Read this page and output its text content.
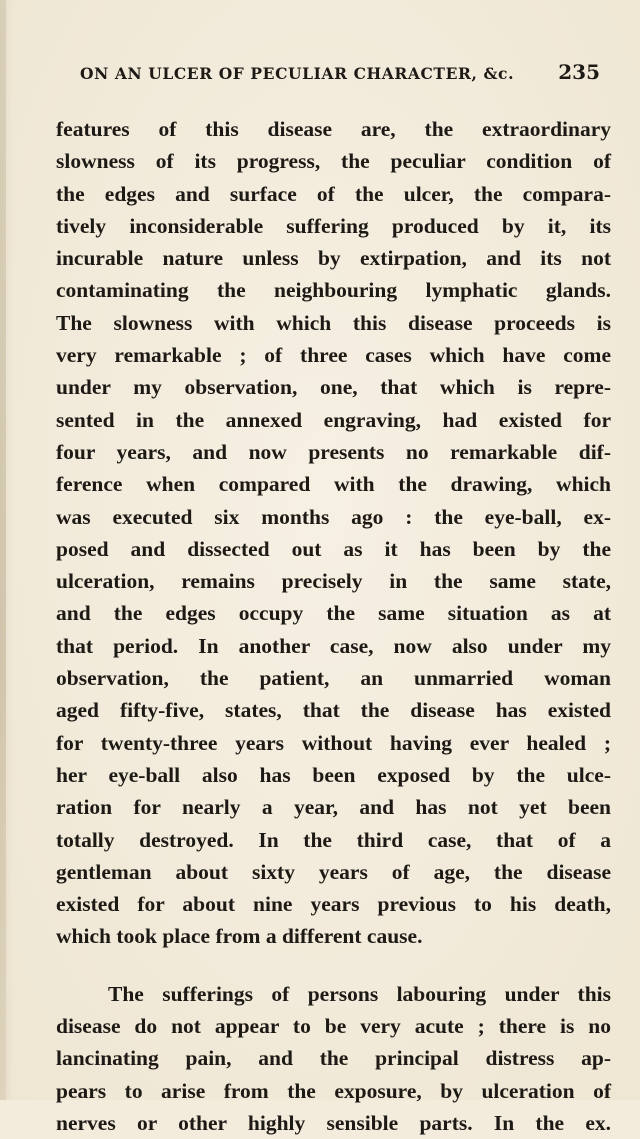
ON AN ULCER OF PECULIAR CHARACTER, &c. 235

features of this disease are, the extraordinary
slowness of its progress, the peculiar condition of
the edges and surface of the ulcer, the compara-
tively inconsiderable suffering produced by it, its
incurable nature unless by extirpation, and its not
contaminating the neighbouring lymphatic glands.
The slowness with which this disease proceeds is
very remarkable ; of three cases which have come
under my observation, one, that which is repre-
sented in the annexed engraving, had existed for
four years, and now presents no remarkable dif-
ference when compared with the drawing, which
was executed six months ago : the eye-ball, ex-
posed and dissected out as it has been by the
ulceration, remains precisely in the same state,
and the edges occupy the same situation as at
that period. In another case, now also under my
observation, the patient, an unmarried woman
aged fifty-five, states, that the disease has existed
for twenty-three years without having ever healed ;
her eye-ball also has been exposed by the ulce-
ration for nearly a year, and has not yet been
totally destroyed. In the third case, that of a
gentleman about sixty years of age, the disease
existed for about nine years previous to his death,
which took place from a different cause.

The sufferings of persons labouring under this
disease do not appear to be very acute ; there is no
lancinating pain, and the principal distress ap-
pears to arise from the exposure, by ulceration of
nerves or other highly sensible parts. In the ex.
